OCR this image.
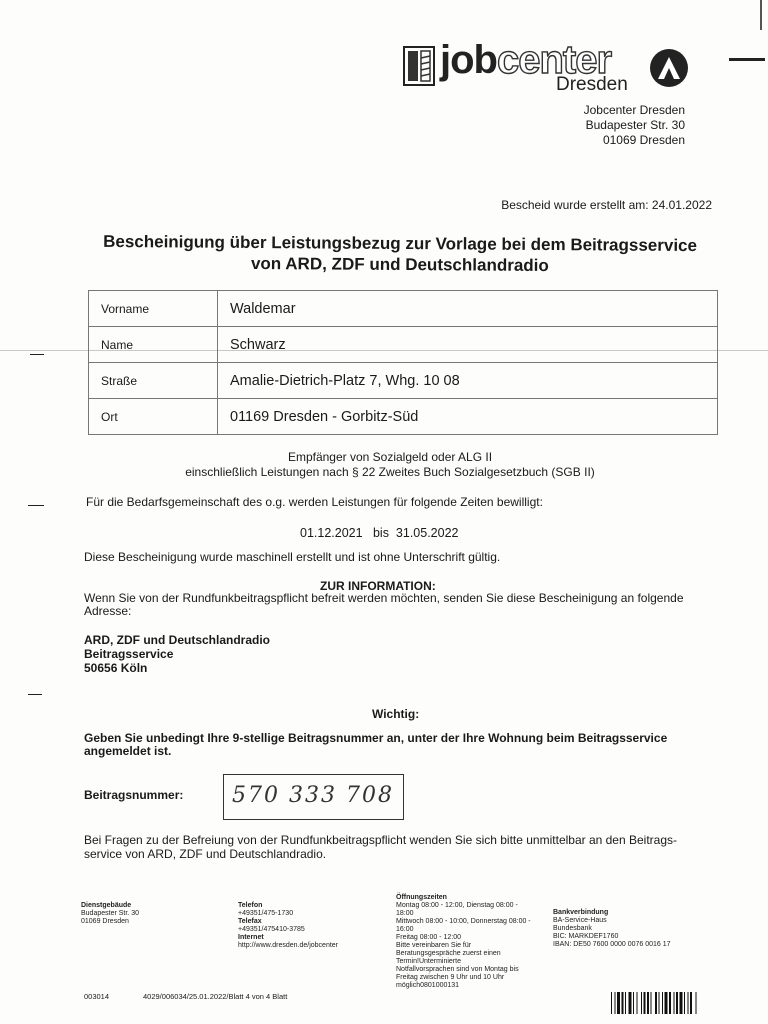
jobcenter
Dresden
Jobcenter Dresden
Budapester Str. 30
01069 Dresden
Bescheid wurde erstellt am: 24.01.2022
Bescheinigung über Leistungsbezug zur Vorlage bei dem Beitragsservice
von ARD, ZDF und Deutschlandradio
Vorname	Waldemar
Name	Schwarz
Straße	Amalie-Dietrich-Platz 7, Whg. 10 08
Ort	01169 Dresden - Gorbitz-Süd
Empfänger von Sozialgeld oder ALG II
einschließlich Leistungen nach § 22 Zweites Buch Sozialgesetzbuch (SGB II)
Für die Bedarfsgemeinschaft des o.g. werden Leistungen für folgende Zeiten bewilligt:
01.12.2021 bis 31.05.2022
Diese Bescheinigung wurde maschinell erstellt und ist ohne Unterschrift gültig.
ZUR INFORMATION:
Wenn Sie von der Rundfunkbeitragspflicht befreit werden möchten, senden Sie diese Bescheinigung an folgende Adresse:
ARD, ZDF und Deutschlandradio
Beitragsservice
50656 Köln
Wichtig:
Geben Sie unbedingt Ihre 9-stellige Beitragsnummer an, unter der Ihre Wohnung beim Beitragsservice angemeldet ist.
Beitragsnummer: 570 333 708
Bei Fragen zu der Befreiung von der Rundfunkbeitragspflicht wenden Sie sich bitte unmittelbar an den Beitrags-service von ARD, ZDF und Deutschlandradio.
Dienstgebäude
Budapester Str. 30
01069 Dresden
Telefon
+49351/475-1730
Telefax
+49351/475410-3785
Internet
http://www.dresden.de/jobcenter
Öffnungszeiten
Montag 08:00 - 12:00, Dienstag 08:00 -
18:00
Mittwoch 08:00 - 10:00, Donnerstag 08:00 -
16:00
Freitag 08:00 - 12:00
Bitte vereinbaren Sie für
Beratungsgespräche zuerst einen
Termin!Unterminierte
Notfallvorsprachen sind von Montag bis
Freitag zwischen 9 Uhr und 10 Uhr möglich0801000131
Bankverbindung
BA-Service-Haus
Bundesbank
BIC: MARKDEF1760
IBAN: DE50 7600 0000 0076 0016 17
003014	4029/006034/25.01.2022/Blatt 4 von 4 Blatt
